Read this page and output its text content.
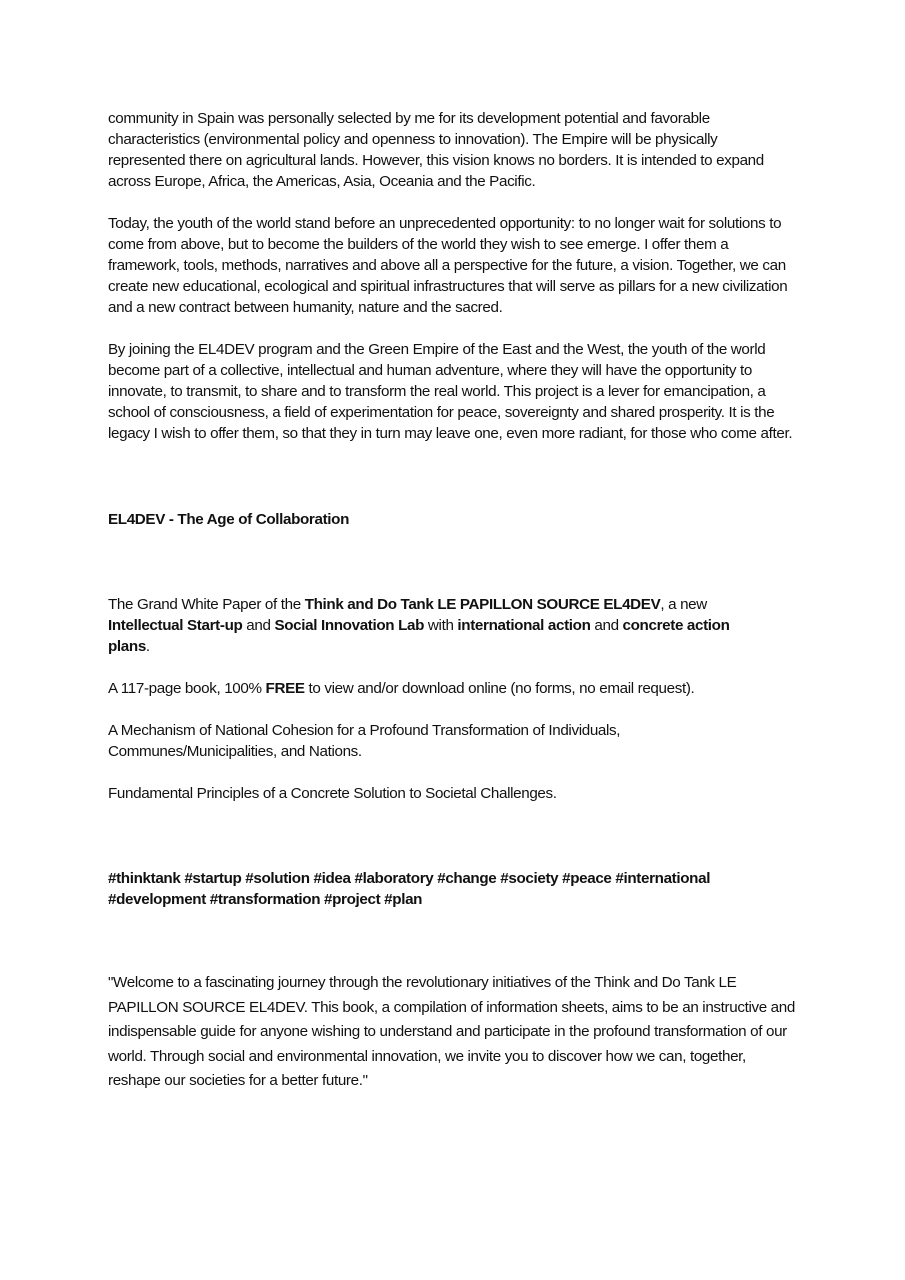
community in Spain was personally selected by me for its development potential and favorable characteristics (environmental policy and openness to innovation). The Empire will be physically represented there on agricultural lands. However, this vision knows no borders. It is intended to expand across Europe, Africa, the Americas, Asia, Oceania and the Pacific.

Today, the youth of the world stand before an unprecedented opportunity: to no longer wait for solutions to come from above, but to become the builders of the world they wish to see emerge. I offer them a framework, tools, methods, narratives and above all a perspective for the future, a vision. Together, we can create new educational, ecological and spiritual infrastructures that will serve as pillars for a new civilization and a new contract between humanity, nature and the sacred.

By joining the EL4DEV program and the Green Empire of the East and the West, the youth of the world become part of a collective, intellectual and human adventure, where they will have the opportunity to innovate, to transmit, to share and to transform the real world. This project is a lever for emancipation, a school of consciousness, a field of experimentation for peace, sovereignty and shared prosperity. It is the legacy I wish to offer them, so that they in turn may leave one, even more radiant, for those who come after.

EL4DEV - The Age of Collaboration

The Grand White Paper of the Think and Do Tank LE PAPILLON SOURCE EL4DEV, a new Intellectual Start-up and Social Innovation Lab with international action and concrete action plans.

A 117-page book, 100% FREE to view and/or download online (no forms, no email request).

A Mechanism of National Cohesion for a Profound Transformation of Individuals, Communes/Municipalities, and Nations.

Fundamental Principles of a Concrete Solution to Societal Challenges.

#thinktank #startup #solution #idea #laboratory #change #society #peace #international #development #transformation #project #plan

"Welcome to a fascinating journey through the revolutionary initiatives of the Think and Do Tank LE PAPILLON SOURCE EL4DEV. This book, a compilation of information sheets, aims to be an instructive and indispensable guide for anyone wishing to understand and participate in the profound transformation of our world. Through social and environmental innovation, we invite you to discover how we can, together, reshape our societies for a better future."
